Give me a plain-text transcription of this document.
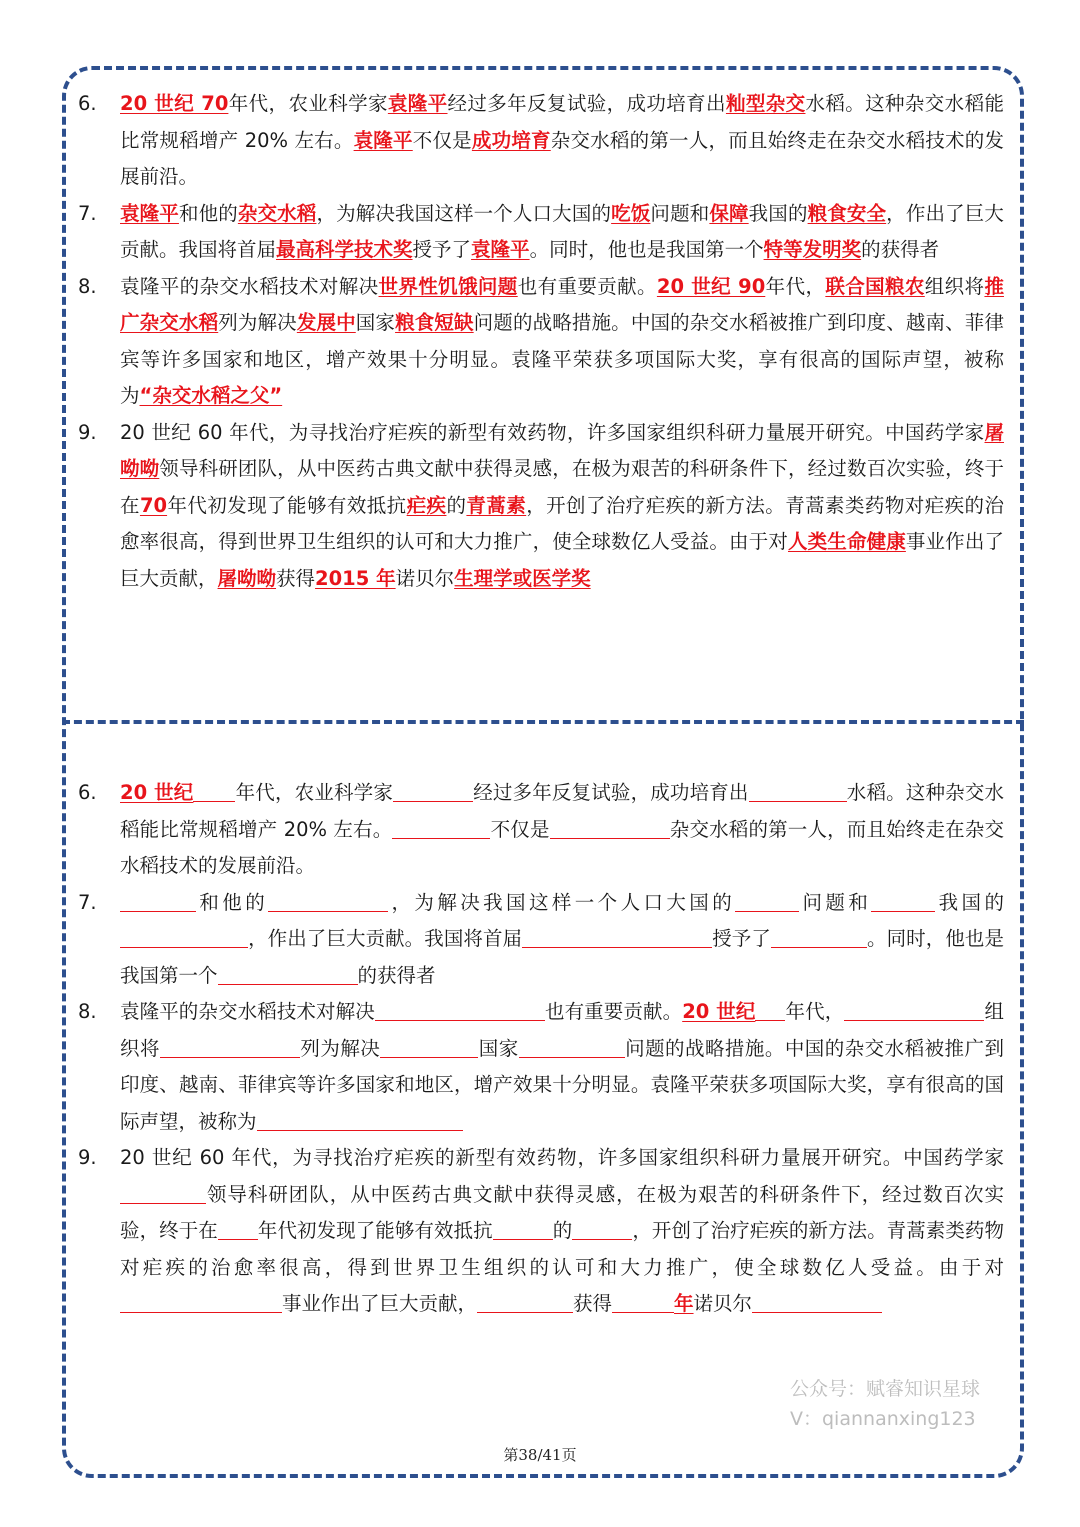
6.	20 世纪 70年代，农业科学家袁隆平经过多年反复试验，成功培育出籼型杂交水稻。这种杂交水稻能比常规稻增产 20% 左右。袁隆平不仅是成功培育杂交水稻的第一人，而且始终走在杂交水稻技术的发展前沿。
7.	袁隆平和他的杂交水稻，为解决我国这样一个人口大国的吃饭问题和保障我国的粮食安全，作出了巨大贡献。我国将首届最高科学技术奖授予了袁隆平。同时，他也是我国第一个特等发明奖的获得者
8.	袁隆平的杂交水稻技术对解决世界性饥饿问题也有重要贡献。20 世纪 90年代，联合国粮农组织将推广杂交水稻列为解决发展中国家粮食短缺问题的战略措施。中国的杂交水稻被推广到印度、越南、菲律宾等许多国家和地区，增产效果十分明显。袁隆平荣获多项国际大奖，享有很高的国际声望，被称为“杂交水稻之父”
9.	20 世纪 60 年代，为寻找治疗疟疾的新型有效药物，许多国家组织科研力量展开研究。中国药学家屠呦呦领导科研团队，从中医药古典文献中获得灵感，在极为艰苦的科研条件下，经过数百次实验，终于在70年代初发现了能够有效抵抗疟疾的青蒿素，开创了治疗疟疾的新方法。青蒿素类药物对疟疾的治愈率很高，得到世界卫生组织的认可和大力推广，使全球数亿人受益。由于对人类生命健康事业作出了巨大贡献，屠呦呦获得2015 年诺贝尔生理学或医学奖
6.	20 世纪 年代，农业科学家	经过多年反复试验，成功培育出	水稻。这种杂交水稻能比常规稻增产 20% 左右。	不仅是	杂交水稻的第一人，而且始终走在杂交水稻技术的发展前沿。
7.	和他的	，为解决我国这样一个人口大国的	问题和	我国的，作出了巨大贡献。我国将首届	授予了	。同时，他也是我国第一个	的获得者
8.	袁隆平的杂交水稻技术对解决	也有重要贡献。20 世纪 年代，	组织将	列为解决	国家	问题的战略措施。中国的杂交水稻被推广到印度、越南、菲律宾等许多国家和地区，增产效果十分明显。袁隆平荣获多项国际大奖，享有很高的国际声望，被称为
9.	20 世纪 60 年代，为寻找治疗疟疾的新型有效药物，许多国家组织科研力量展开研究。中国药学家领导科研团队，从中医药古典文献中获得灵感，在极为艰苦的科研条件下，经过数百次实验，终于在 年代初发现了能够有效抵抗	的	，开创了治疗疟疾的新方法。青蒿素类药物对疟疾的治愈率很高，得到世界卫生组织的认可和大力推广，使全球数亿人受益。由于对事业作出了巨大贡献，	获得	年诺贝尔
公众号：赋睿知识星球
V：qiannanxing123
第38/41页
